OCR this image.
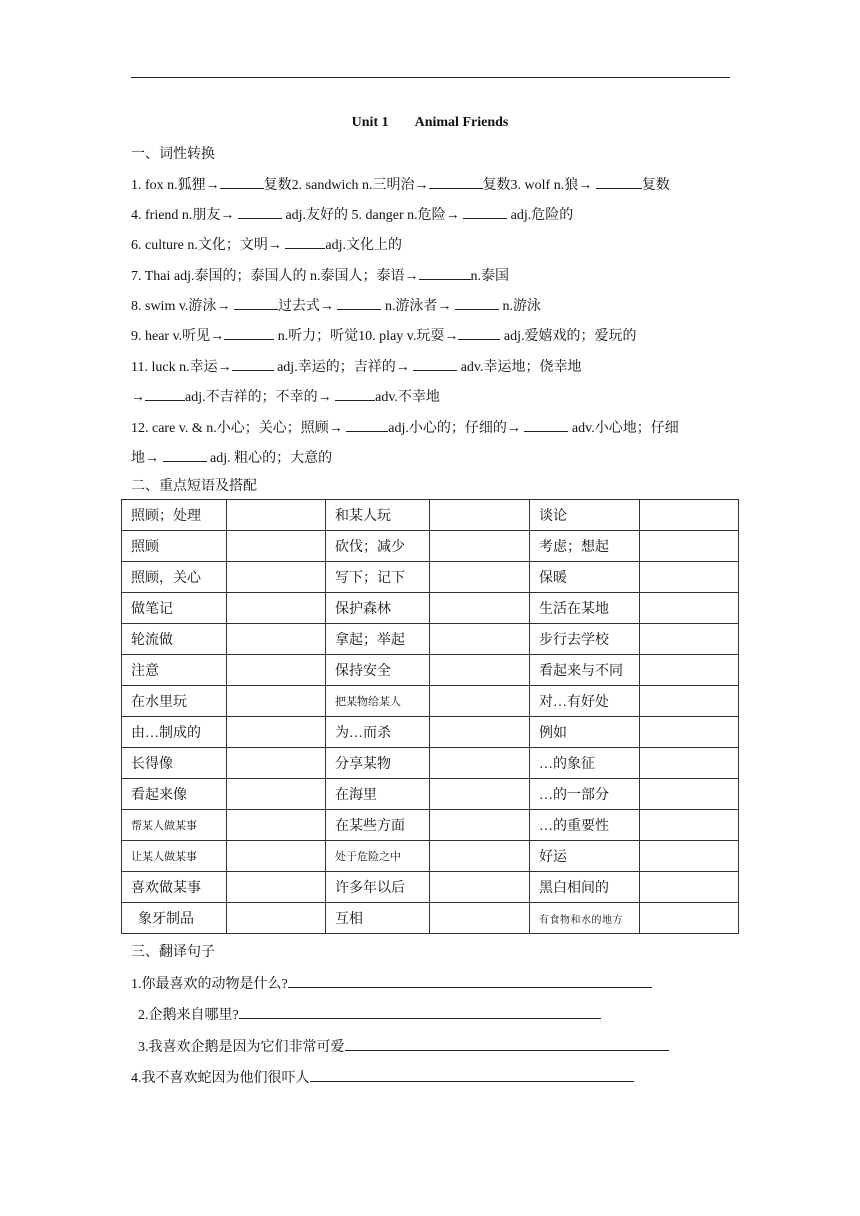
Unit 1 Animal Friends
一、词性转换
1. fox n.狐狸→	复数2. sandwich n.三明治→	复数3. wolf n.狼→	复数
4. friend n.朋友→	adj.友好的 5. danger n.危险→	adj.危险的
6. culture n.文化；文明→	adj.文化上的
7. Thai adj.泰国的；泰国人的 n.泰国人；泰语→	n.泰国
8. swim v.游泳→	过去式→	n.游泳者→	n.游泳
9. hear v.听见→	n.听力；听觉10. play v.玩耍→	adj.爱嬉戏的；爱玩的
11. luck n.幸运→	adj.幸运的；吉祥的→	adv.幸运地；侥幸地
→	adj.不吉祥的；不幸的→	adv.不幸地
12. care v. & n.小心；关心；照顾→	adj.小心的；仔细的→	adv.小心地；仔细
地→	adj. 粗心的；大意的
二、重点短语及搭配
照顾；处理		和某人玩		谈论	
照顾		砍伐；减少		考虑；想起	
照顾，关心		写下；记下		保暖	
做笔记		保护森林		生活在某地	
轮流做		拿起；举起		步行去学校	
注意		保持安全		看起来与不同	
在水里玩		把某物给某人		对…有好处	
由…制成的		为…而杀		例如	
长得像		分享某物		…的象征	
看起来像		在海里		…的一部分	
帮某人做某事		在某些方面		…的重要性	
让某人做某事		处于危险之中		好运	
喜欢做某事		许多年以后		黑白相间的	
象牙制品		互相		有食物和水的地方	
三、翻译句子
1.你最喜欢的动物是什么?
2.企鹅来自哪里?
3.我喜欢企鹅是因为它们非常可爱
4.我不喜欢蛇因为他们很吓人
